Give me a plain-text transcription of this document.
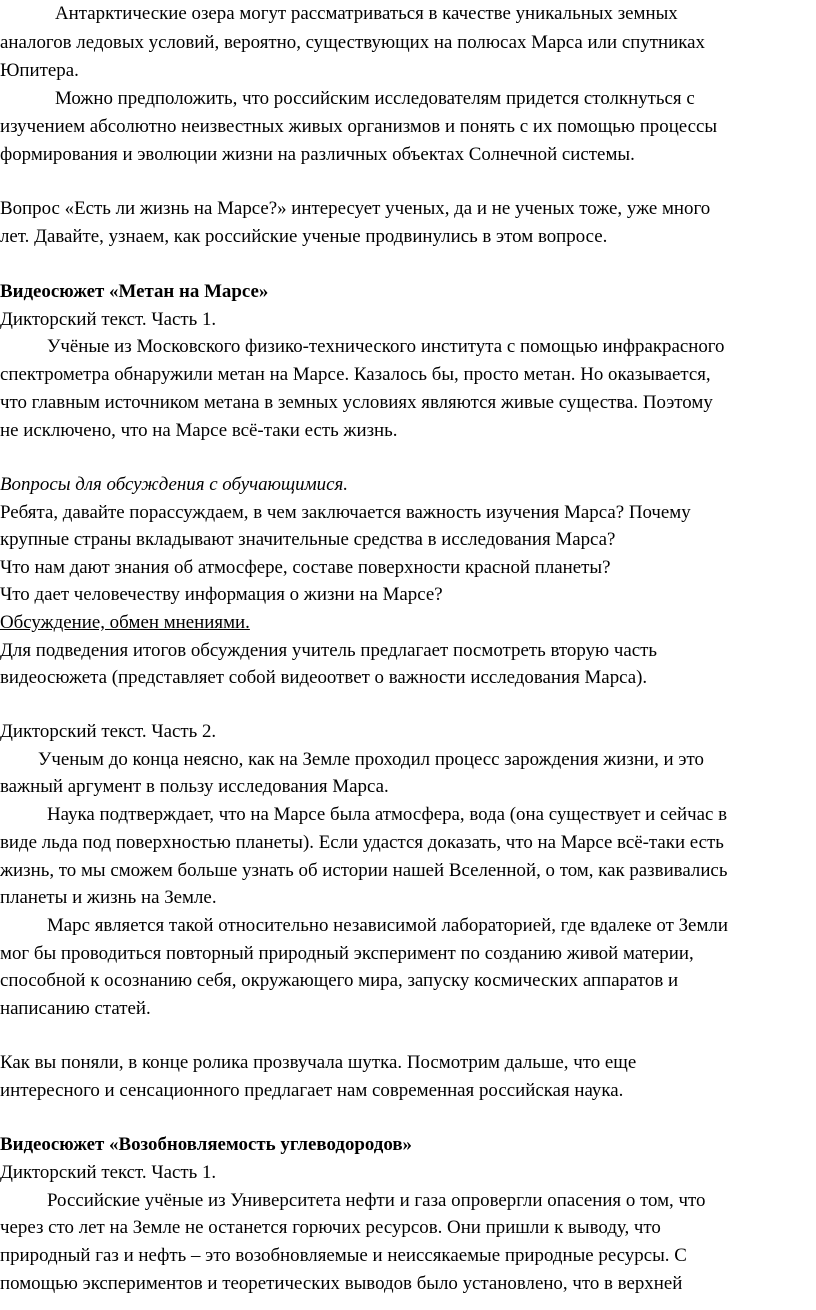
Антарктические озера могут рассматриваться в качестве уникальных земных
аналогов ледовых условий, вероятно, существующих на полюсах Марса или спутниках
Юпитера.
Можно предположить, что российским исследователям придется столкнуться с
изучением абсолютно неизвестных живых организмов и понять с их помощью процессы
формирования и эволюции жизни на различных объектах Солнечной системы.
Вопрос «Есть ли жизнь на Марсе?» интересует ученых, да и не ученых тоже, уже много
лет. Давайте, узнаем, как российские ученые продвинулись в этом вопросе.
Видеосюжет «Метан на Марсе»
Дикторский текст. Часть 1.
Учёные из Московского физико-технического института с помощью инфракрасного
спектрометра обнаружили метан на Марсе. Казалось бы, просто метан. Но оказывается,
что главным источником метана в земных условиях являются живые существа. Поэтому
не исключено, что на Марсе всё-таки есть жизнь.
Вопросы для обсуждения с обучающимися.
Ребята, давайте порассуждаем, в чем заключается важность изучения Марса? Почему
крупные страны вкладывают значительные средства в исследования Марса?
Что нам дают знания об атмосфере, составе поверхности красной планеты?
Что дает человечеству информация о жизни на Марсе?
Обсуждение, обмен мнениями.
Для подведения итогов обсуждения учитель предлагает посмотреть вторую часть
видеосюжета (представляет собой видеоответ о важности исследования Марса).
Дикторский текст. Часть 2.
Ученым до конца неясно, как на Земле проходил процесс зарождения жизни, и это
важный аргумент в пользу исследования Марса.
Наука подтверждает, что на Марсе была атмосфера, вода (она существует и сейчас в
виде льда под поверхностью планеты). Если удастся доказать, что на Марсе всё-таки есть
жизнь, то мы сможем больше узнать об истории нашей Вселенной, о том, как развивались
планеты и жизнь на Земле.
Марс является такой относительно независимой лабораторией, где вдалеке от Земли
мог бы проводиться повторный природный эксперимент по созданию живой материи,
способной к осознанию себя, окружающего мира, запуску космических аппаратов и
написанию статей.
Как вы поняли, в конце ролика прозвучала шутка. Посмотрим дальше, что еще
интересного и сенсационного предлагает нам современная российская наука.
Видеосюжет «Возобновляемость углеводородов»
Дикторский текст. Часть 1.
Российские учёные из Университета нефти и газа опровергли опасения о том, что
через сто лет на Земле не останется горючих ресурсов. Они пришли к выводу, что
природный газ и нефть – это возобновляемые и неиссякаемые природные ресурсы. С
помощью экспериментов и теоретических выводов было установлено, что в верхней
